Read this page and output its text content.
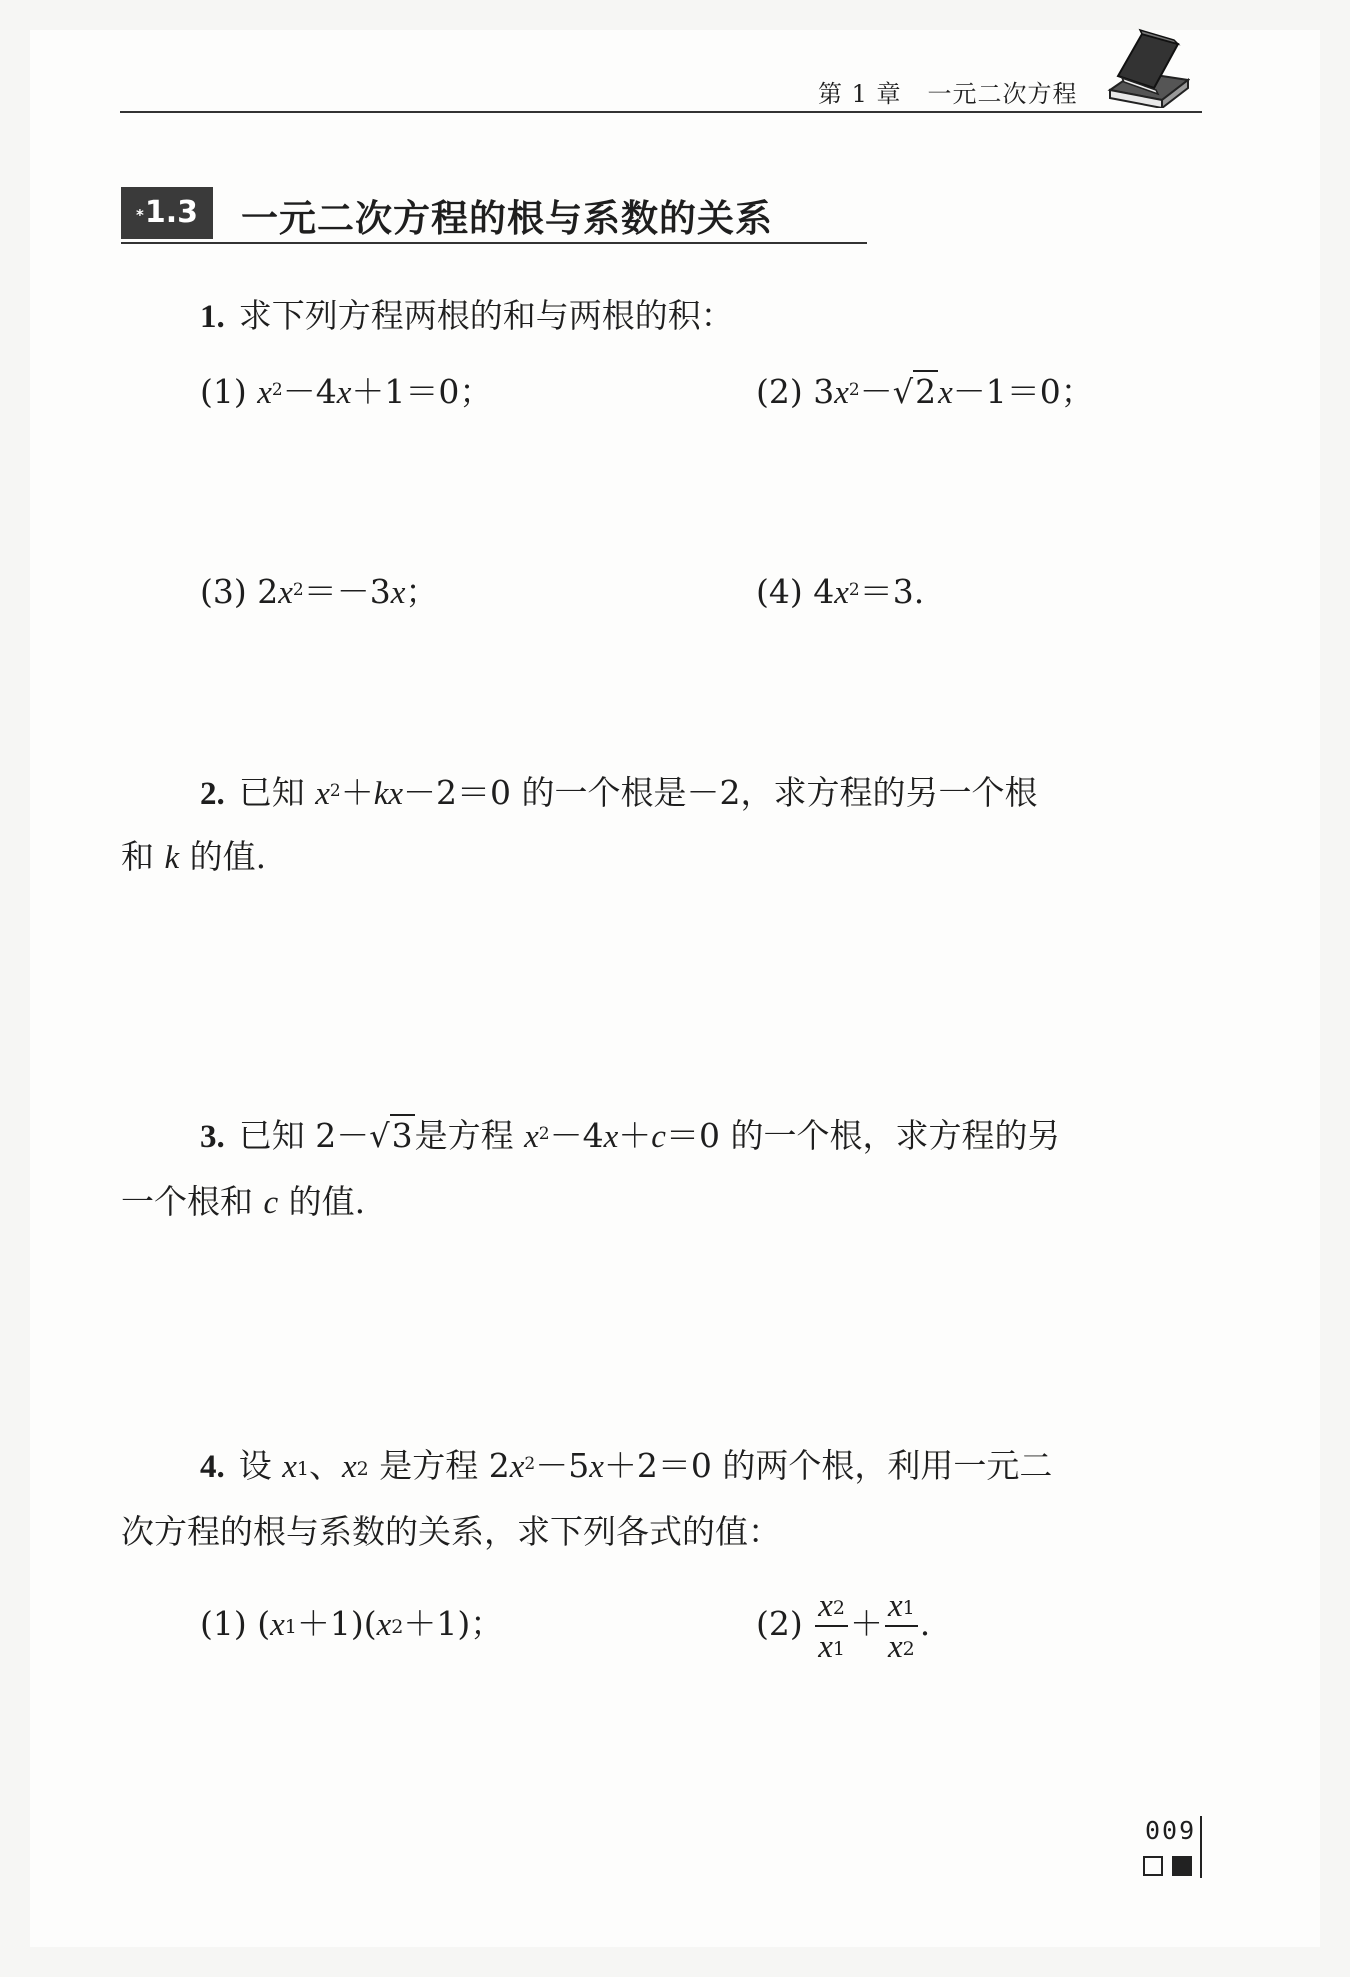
第 1 章 一元二次方程
*1.3	一元二次方程的根与系数的关系
1. 求下列方程两根的和与两根的积：
(1) $x^2-4x+1=0$；	(2) $3x^2-√2x-1=0$；
(3) $2x^2=-3x$；	(4) $4x^2=3$.
2. 已知 $x^2+kx-2=0$ 的一个根是－2，求方程的另一个根
和 k 的值.
3. 已知 2－√3是方程 $x^2-4x+c=0$ 的一个根，求方程的另
一个根和 c 的值.
4. 设 $x_1$、$x_2$ 是方程 $2x^2-5x+2=0$ 的两个根，利用一元二
次方程的根与系数的关系，求下列各式的值：
(1) $(x_1+1)(x_2+1)$；	$(2) \frac{x_2}{x_1} + \frac{x_1}{x_2}$ .
009
